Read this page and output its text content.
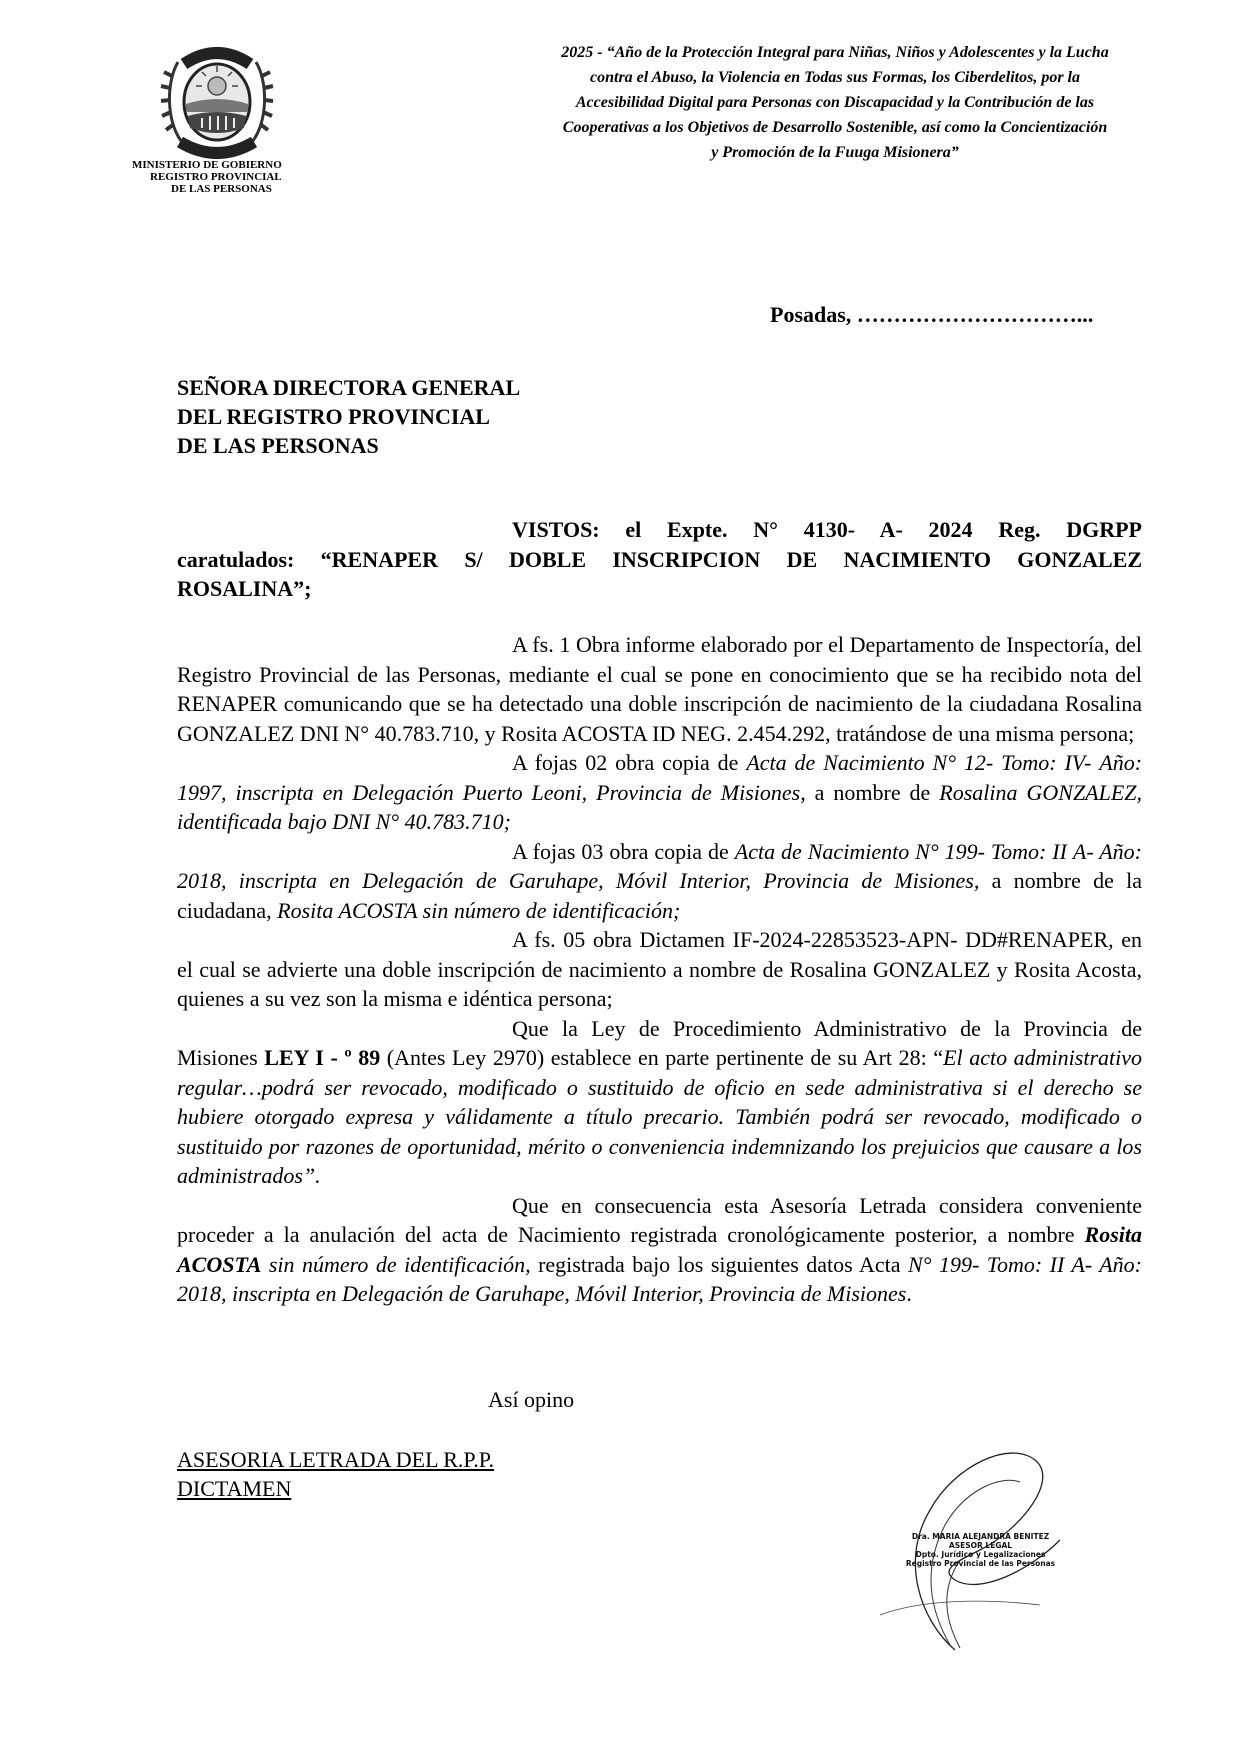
MINISTERIO DE GOBIERNO
REGISTRO PROVINCIAL
DE LAS PERSONAS
2025 - “Año de la Protección Integral para Niñas, Niños y Adolescentes y la Lucha
contra el Abuso, la Violencia en Todas sus Formas, los Ciberdelitos, por la
Accesibilidad Digital para Personas con Discapacidad y la Contribución de las
Cooperativas a los Objetivos de Desarrollo Sostenible, así como la Concientización
y Promoción de la Fuuga Misionera”
Posadas, …………………………...
SEÑORA DIRECTORA GENERAL
DEL REGISTRO PROVINCIAL
DE LAS PERSONAS
VISTOS: el Expte. N° 4130- A- 2024 Reg. DGRPP
caratulados: “RENAPER S/ DOBLE INSCRIPCION DE NACIMIENTO GONZALEZ
ROSALINA”;
A fs. 1 Obra informe elaborado por el Departamento de Inspectoría, del Registro Provincial de las Personas, mediante el cual se pone en conocimiento que se ha recibido nota del RENAPER comunicando que se ha detectado una doble inscripción de nacimiento de la ciudadana Rosalina GONZALEZ DNI N° 40.783.710, y Rosita ACOSTA ID NEG. 2.454.292, tratándose de una misma persona;
A fojas 02 obra copia de Acta de Nacimiento N° 12- Tomo: IV- Año: 1997, inscripta en Delegación Puerto Leoni, Provincia de Misiones, a nombre de Rosalina GONZALEZ, identificada bajo DNI N° 40.783.710;
A fojas 03 obra copia de Acta de Nacimiento N° 199- Tomo: II A- Año: 2018, inscripta en Delegación de Garuhape, Móvil Interior, Provincia de Misiones, a nombre de la ciudadana, Rosita ACOSTA sin número de identificación;
A fs. 05 obra Dictamen IF-2024-22853523-APN- DD#RENAPER, en el cual se advierte una doble inscripción de nacimiento a nombre de Rosalina GONZALEZ y Rosita Acosta, quienes a su vez son la misma e idéntica persona;
Que la Ley de Procedimiento Administrativo de la Provincia de Misiones LEY I - º 89 (Antes Ley 2970) establece en parte pertinente de su Art 28: “El acto administrativo regular…podrá ser revocado, modificado o sustituido de oficio en sede administrativa si el derecho se hubiere otorgado expresa y válidamente a título precario. También podrá ser revocado, modificado o sustituido por razones de oportunidad, mérito o conveniencia indemnizando los prejuicios que causare a los administrados”.
Que en consecuencia esta Asesoría Letrada considera conveniente proceder a la anulación del acta de Nacimiento registrada cronológicamente posterior, a nombre Rosita ACOSTA sin número de identificación, registrada bajo los siguientes datos Acta N° 199- Tomo: II A- Año: 2018, inscripta en Delegación de Garuhape, Móvil Interior, Provincia de Misiones.
Así opino
ASESORIA LETRADA DEL R.P.P.
DICTAMEN
Dra. MARIA ALEJANDRA BENITEZ
ASESOR LEGAL
Dpto. Jurídico y Legalizaciones
Registro Provincial de las Personas
